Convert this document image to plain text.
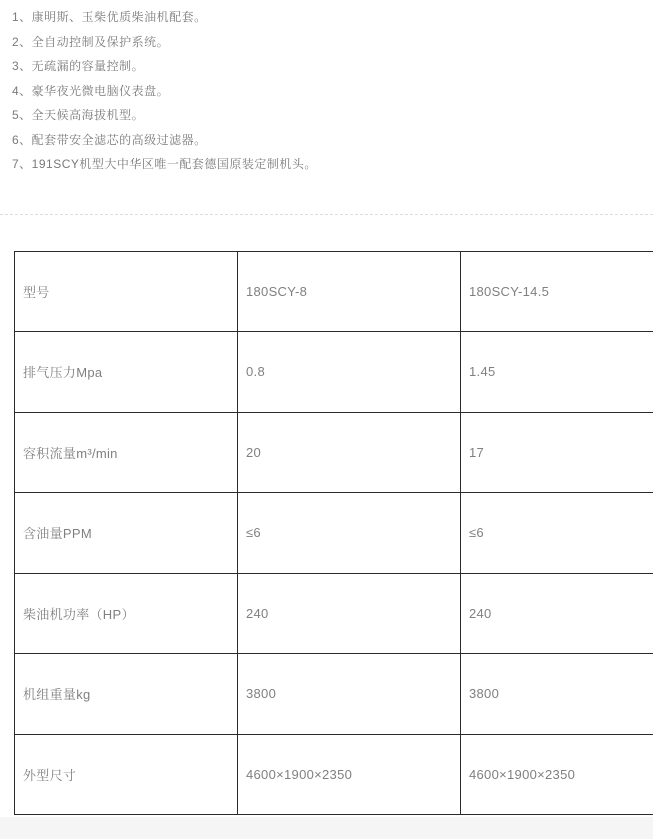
1、康明斯、玉柴优质柴油机配套。
2、全自动控制及保护系统。
3、无疏漏的容量控制。
4、豪华夜光微电脑仪表盘。
5、全天候高海拔机型。
6、配套带安全滤芯的高级过滤器。
7、191SCY机型大中华区唯一配套德国原装定制机头。
型号	180SCY-8	180SCY-14.5
排气压力Mpa	0.8	1.45
容积流量m³/min	20	17
含油量PPM	≤6	≤6
柴油机功率（HP）	240	240
机组重量kg	3800	3800
外型尺寸	4600×1900×2350	4600×1900×2350
